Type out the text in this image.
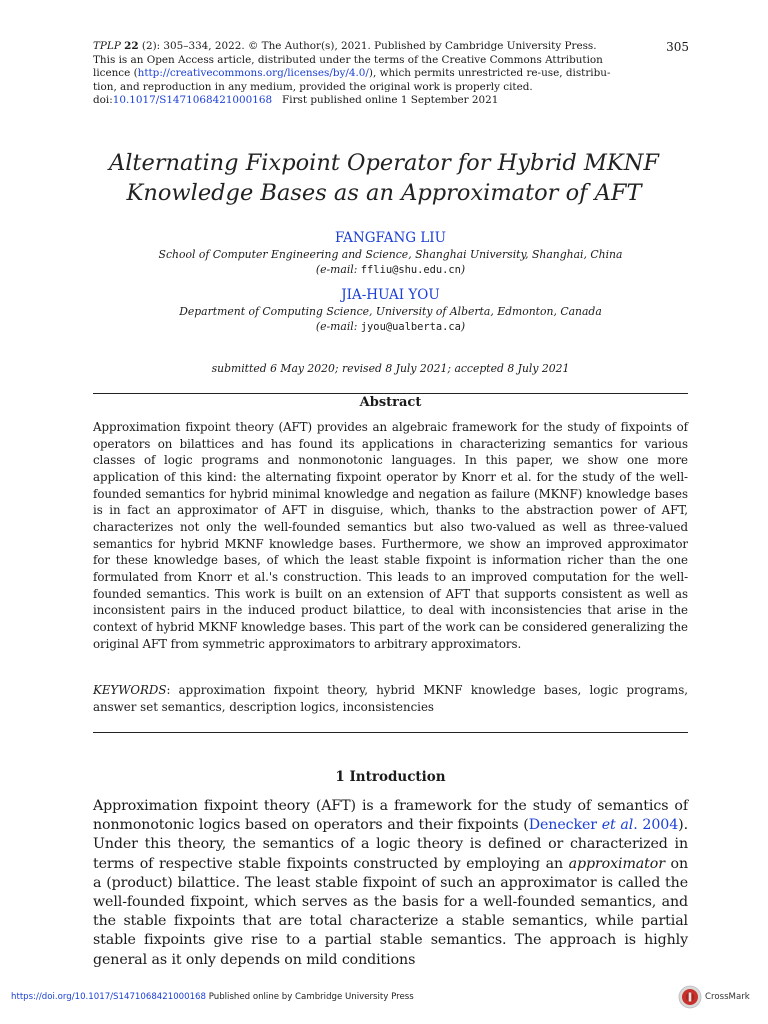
TPLP 22 (2): 305–334, 2022. © The Author(s), 2021. Published by Cambridge University Press.
This is an Open Access article, distributed under the terms of the Creative Commons Attribution
licence (http://creativecommons.org/licenses/by/4.0/), which permits unrestricted re-use, distribu-
tion, and reproduction in any medium, provided the original work is properly cited.
doi:10.1017/S1471068421000168 First published online 1 September 2021
305
Alternating Fixpoint Operator for Hybrid MKNF
Knowledge Bases as an Approximator of AFT
FANGFANG LIU
School of Computer Engineering and Science, Shanghai University, Shanghai, China
(e-mail: ffliu@shu.edu.cn)
JIA-HUAI YOU
Department of Computing Science, University of Alberta, Edmonton, Canada
(e-mail: jyou@ualberta.ca)
submitted 6 May 2020; revised 8 July 2021; accepted 8 July 2021
Abstract
Approximation fixpoint theory (AFT) provides an algebraic framework for the study of fixpoints of operators on bilattices and has found its applications in characterizing semantics for various classes of logic programs and nonmonotonic languages. In this paper, we show one more application of this kind: the alternating fixpoint operator by Knorr et al. for the study of the well-founded semantics for hybrid minimal knowledge and negation as failure (MKNF) knowledge bases is in fact an approximator of AFT in disguise, which, thanks to the abstraction power of AFT, characterizes not only the well-founded semantics but also two-valued as well as three-valued semantics for hybrid MKNF knowledge bases. Furthermore, we show an improved approximator for these knowledge bases, of which the least stable fixpoint is information richer than the one formulated from Knorr et al.'s construction. This leads to an improved computation for the well-founded semantics. This work is built on an extension of AFT that supports consistent as well as inconsistent pairs in the induced product bilattice, to deal with inconsistencies that arise in the context of hybrid MKNF knowledge bases. This part of the work can be considered generalizing the original AFT from symmetric approximators to arbitrary approximators.
KEYWORDS: approximation fixpoint theory, hybrid MKNF knowledge bases, logic programs, answer set semantics, description logics, inconsistencies
1 Introduction
Approximation fixpoint theory (AFT) is a framework for the study of semantics of nonmonotonic logics based on operators and their fixpoints (Denecker et al. 2004). Under this theory, the semantics of a logic theory is defined or characterized in terms of respective stable fixpoints constructed by employing an approximator on a (product) bilattice. The least stable fixpoint of such an approximator is called the well-founded fixpoint, which serves as the basis for a well-founded semantics, and the stable fixpoints that are total characterize a stable semantics, while partial stable fixpoints give rise to a partial stable semantics. The approach is highly general as it only depends on mild conditions
https://doi.org/10.1017/S1471068421000168 Published online by Cambridge University Press	CrossMark
